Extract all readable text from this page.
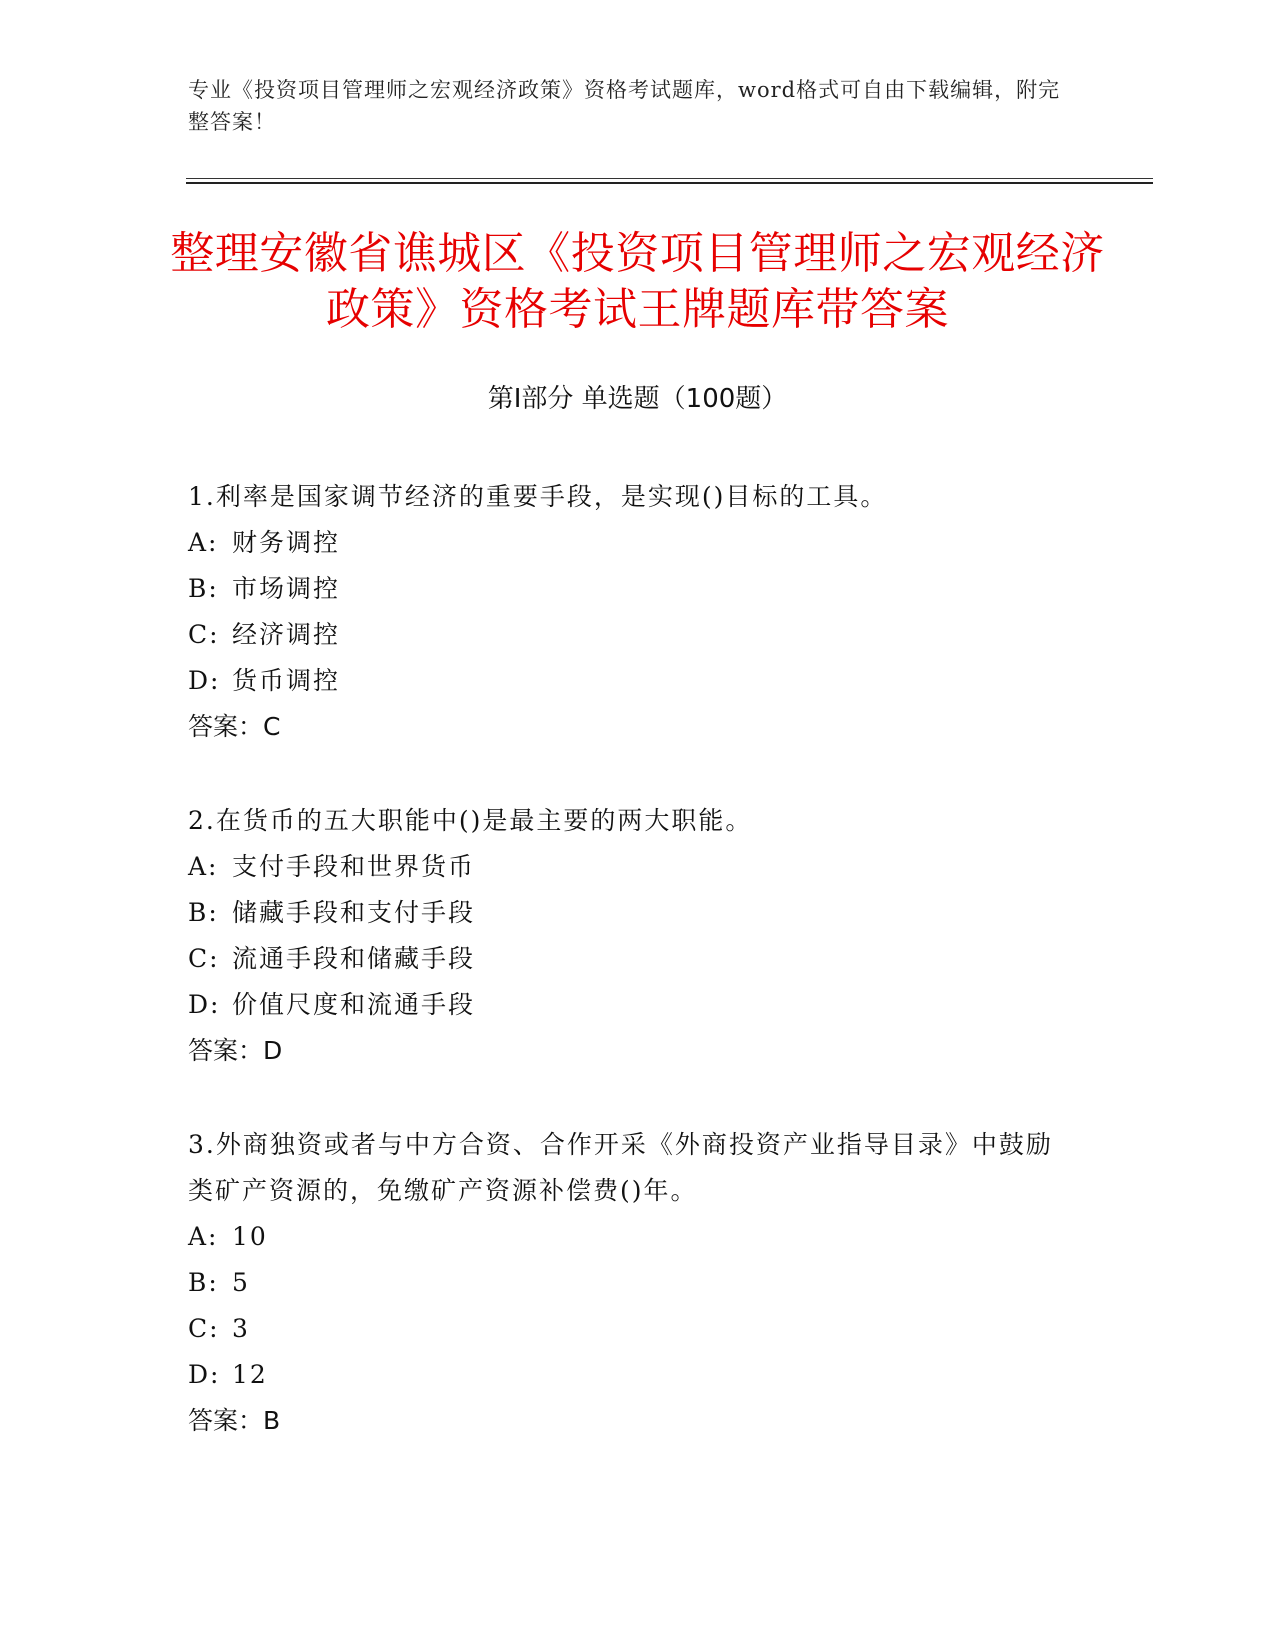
专业《投资项目管理师之宏观经济政策》资格考试题库，word格式可自由下载编辑，附完整答案！
整理安徽省谯城区《投资项目管理师之宏观经济政策》资格考试王牌题库带答案
第Ⅰ部分 单选题（100题）
1.利率是国家调节经济的重要手段，是实现()目标的工具。
A: 财务调控
B: 市场调控
C: 经济调控
D: 货币调控
答案：C
2.在货币的五大职能中()是最主要的两大职能。
A: 支付手段和世界货币
B: 储藏手段和支付手段
C: 流通手段和储藏手段
D: 价值尺度和流通手段
答案：D
3.外商独资或者与中方合资、合作开采《外商投资产业指导目录》中鼓励类矿产资源的，免缴矿产资源补偿费()年。
A: 10
B: 5
C: 3
D: 12
答案：B
